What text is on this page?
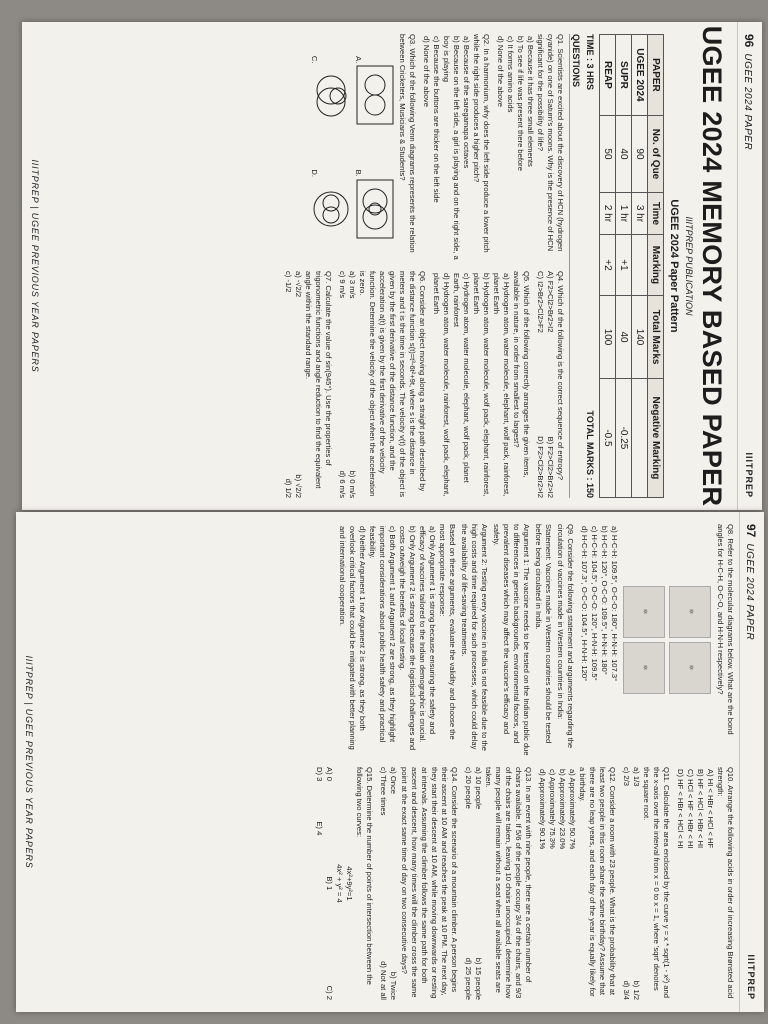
96UGEE 2024 PAPER
IIITPREP
UGEE 2024 MEMORY BASED PAPER
IIITPREP PUBLICATION
UGEE 2024 Paper Pattern
PAPER	No. of Que	Time	Marking	Total Marks	Negative Marking
UGEE 2024	90	3 hr		140	
SUPR	40	1 hr	+1	40	-0.25
REAP	50	2 hr	+2	100	-0.5
TIME : 3 HRS
TOTAL MARKS : 150
QUESTIONS
Q1. Scientists are excited about the discovery of HCN (hydrogen cyanide) on one of Saturn's moons. Why is the presence of HCN significant for the possibility of life?
a) Because it has three small elements
b) To see if life was present there before
c) It forms amino acids
d) None of the above
Q2. In a harmonium, why does the left side produce a lower pitch while the right side produces a higher pitch?
a) Because of the saregamapa octaves
b) Because on the left side, a girl is playing and on the right side, a boy is playing
c) Because the buttons are thicker on the left side
d) None of the above
Q3. Which of the following Venn diagrams represents the relation between Cricketers, Musicians & Students?
A.
B.
C.
D.
Q4. Which of the following is the correct sequence of entropy?
A) F2>Cl2>Br2>I2
B) F2>Cl2>Br2>I2
C) I2>Br2>Cl2>F2
D) F2>Cl2>Br2>I2
Q5. Which of the following correctly arranges the given items, available in nature, in order from smallest to largest?
a) Hydrogen atom, water molecule, elephant, wolf pack, rainforest, planet Earth
b) Hydrogen atom, water molecule, wolf pack, elephant, rainforest, planet Earth
c) Hydrogen atom, water molecule, elephant, wolf pack, planet Earth, rainforest
d) Hydrogen atom, water molecule, rainforest, wolf pack, elephant, planet Earth
Q6. Consider an object moving along a straight path described by the distance function s(t)=t³-6t²+9t, where s is the distance in meters and t is the time in seconds. The velocity v(t) of the object is given by the first derivative of the distance function, and the acceleration a(t) is given by the first derivative of the velocity function. Determine the velocity of the object when the acceleration is zero.
a) 3 m/s
b) 0 m/s
c) 9 m/s
d) 6 m/s
Q7. Calculate the value of sin(945°). Use the properties of trigonometric functions and angle reduction to find the equivalent angle within the standard range.
a) -√2/2
b) √2/2
c) -1/2
d) 1/2
IIITPREP | UGEE PREVIOUS YEAR PAPERS
97UGEE 2024 PAPER
IIITPREP
Q8. Refer to the molecular diagrams below. What are the bond angles for H-C-H, O-C-O, and H-N-H respectively?
⚛
⚛
⚛
⚛
a) H-C-H: 109.5°, O-C-O: 180°, H-N-H: 107.3°
b) H-C-H: 120°, O-C-O: 109.5°, H-N-H: 180°
c) H-C-H: 104.5°, O-C-O: 120°, H-N-H: 109.5°
d) H-C-H: 107.3°, O-C-O: 104.5°, H-N-H: 120°
Q9. Consider the following statement and arguments regarding the circulation of vaccines made in Western countries in India:
Statement: Vaccines made in Western countries should be tested before being circulated in India.
Argument 1: The vaccine needs to be tested on the Indian public due to differences in genetic backgrounds, environmental factors, and prevalent diseases which may affect the vaccine's efficacy and safety.
Argument 2: Testing every vaccine in India is not feasible due to the high costs and time required for such processes, which could delay the availability of life-saving treatments.
Based on these arguments, evaluate the validity and choose the most appropriate response:
a) Only Argument 1 is strong because ensuring the safety and efficacy of vaccines tailored to the Indian demographic is crucial.
b) Only Argument 2 is strong because the logistical challenges and costs outweigh the benefits of local testing.
c) Both Argument 1 and Argument 2 are strong, as they highlight important considerations about public health safety and practical feasibility.
d) Neither Argument 1 nor Argument 2 is strong, as they both overlook critical factors that could be mitigated with better planning and international cooperation.
Q10. Arrange the following acids in order of increasing Brønsted acid strength:
A) HI < HBr < HCl < HF
B) HF < HCl < HBr < HI
C) HCl < HF < HBr < HI
D) HF < HBr < HCl < HI
Q11. Calculate the area enclosed by the curve y = x * sqrt(1 - x²) and the x-axis over the interval from x = 0 to x = 1, where 'sqrt' denotes the square root.
a) 1/3
b) 1/2
c) 2/3
d) 3/4
Q12. Consider a room with 23 people. What is the probability that at least two people in this room share the same birthday? Assume that there are no leap years, and each day of the year is equally likely for a birthday.
a) Approximately 50.7%
b) Approximately 23.0%
c) Approximately 75.3%
d) Approximately 90.1%
Q13. In an event with nine people, there are a certain number of chairs available. If 5/6 of the people occupy 3/4 of the chairs, and 9/3 of the chairs are taken, leaving 10 chairs unoccupied, determine how many people will remain without a seat when all available seats are taken.
a) 10 people
b) 15 people
c) 20 people
d) 25 people
Q14. Consider the scenario of a mountain climber. A person begins their ascent at 10 AM and reaches the peak at 10 PM. The next day, they start their descent at 10 AM, while moving downwards or resting at intervals. Assuming the climber follows the same path for both ascent and descent, how many times will the climber cross the same point at the exact same time of day on two consecutive days?
a) Once
b) Twice
c) Three times
d) Not at all
Q15. Determine the number of points of intersection between the following two curves:
4x²+9y²=1
4x² + y² = 4
A) 0
B) 1
C) 2
D) 3
E) 4
IIITPREP | UGEE PREVIOUS YEAR PAPERS
